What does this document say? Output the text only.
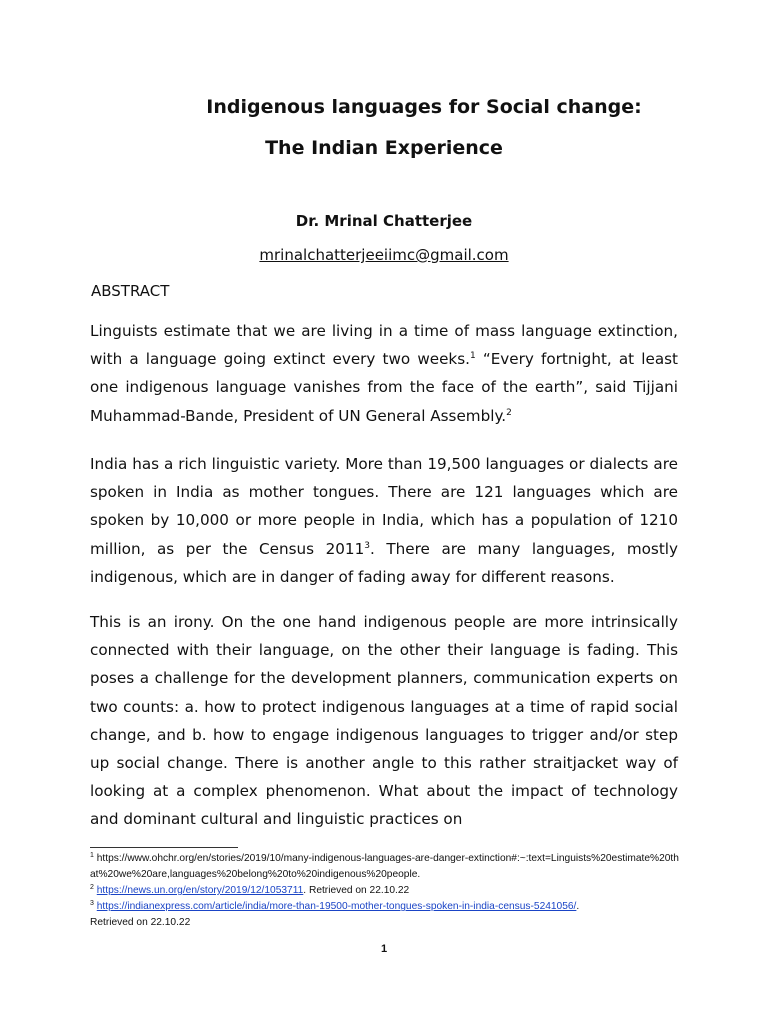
Indigenous languages for Social change:
The Indian Experience
Dr. Mrinal Chatterjee
mrinalchatterjeeiimc@gmail.com
ABSTRACT

Linguists estimate that we are living in a time of mass language extinction, with a language going extinct every two weeks.$^1$ “Every fortnight, at least one indigenous language vanishes from the face of the earth”, said Tijjani Muhammad-Bande, President of UN General Assembly.$^2$

India has a rich linguistic variety. More than 19,500 languages or dialects are spoken in India as mother tongues. There are 121 languages which are spoken by 10,000 or more people in India, which has a population of 1210 million, as per the Census 2011$^3$. There are many languages, mostly indigenous, which are in danger of fading away for different reasons.

This is an irony. On the one hand indigenous people are more intrinsically connected with their language, on the other their language is fading. This poses a challenge for the development planners, communication experts on two counts: a. how to protect indigenous languages at a time of rapid social change, and b. how to engage indigenous languages to trigger and/or step up social change. There is another angle to this rather straitjacket way of looking at a complex phenomenon. What about the impact of technology and dominant cultural and linguistic practices on

$^1$ https://www.ohchr.org/en/stories/2019/10/many-indigenous-languages-are-danger-extinction#:~:text=Linguists%20estimate%20that%20we%20are,languages%20belong%20to%20indigenous%20people.

$^2$ https://news.un.org/en/story/2019/12/1053711. Retrieved on 22.10.22

$^3$ https://indianexpress.com/article/india/more-than-19500-mother-tongues-spoken-in-india-census-5241056/.
Retrieved on 22.10.22

1
